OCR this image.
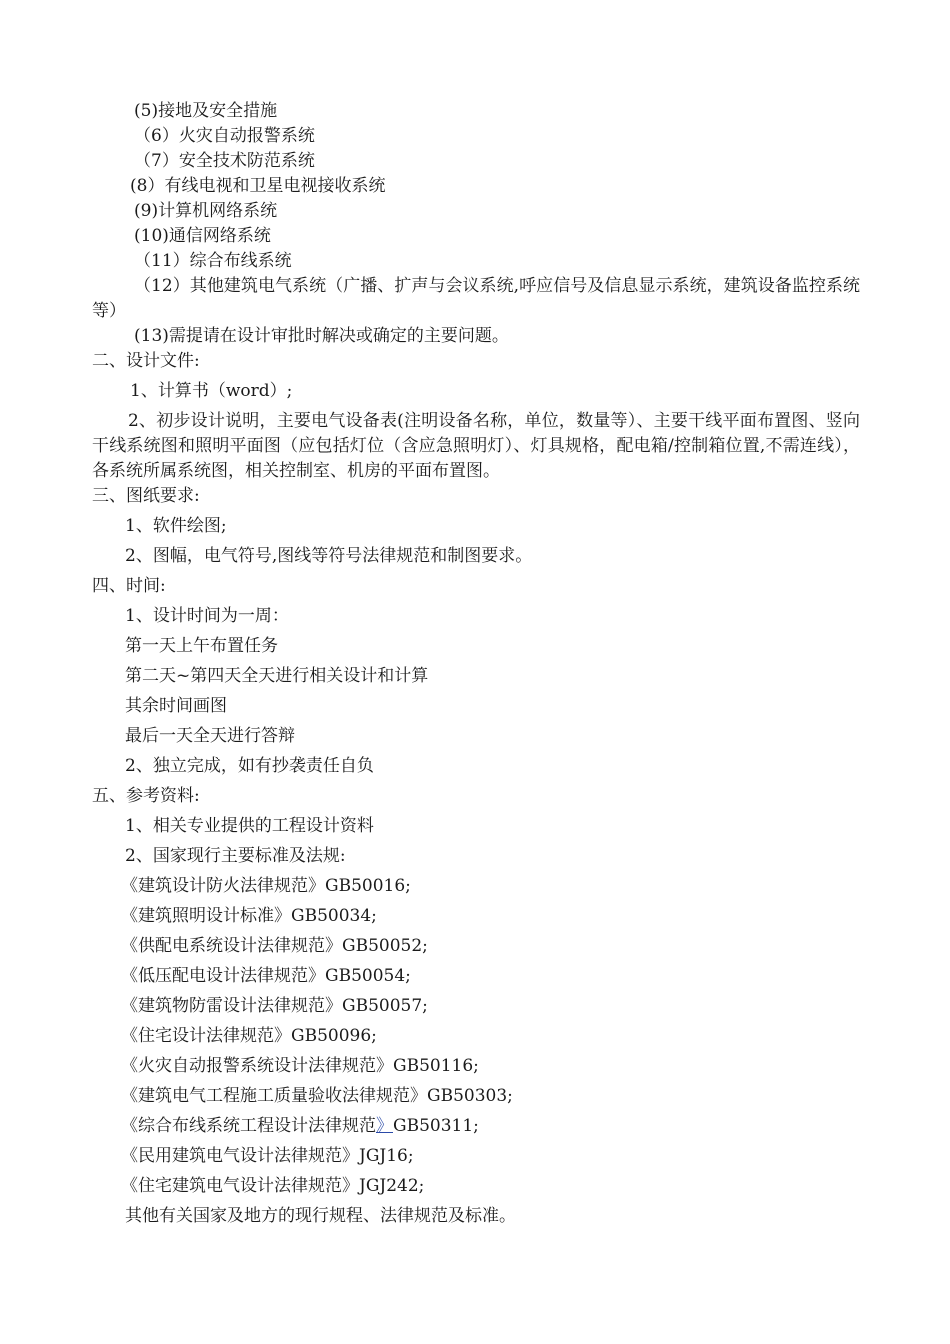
(5)接地及安全措施
（6）火灾自动报警系统
（7）安全技术防范系统
(8）有线电视和卫星电视接收系统
(9)计算机网络系统
(10)通信网络系统
（11）综合布线系统
（12）其他建筑电气系统（广播、扩声与会议系统,呼应信号及信息显示系统，建筑设备监控系统等）
(13)需提请在设计审批时解决或确定的主要问题。
二、设计文件:
1、计算书（word）;
2、初步设计说明，主要电气设备表(注明设备名称，单位，数量等）、主要干线平面布置图、竖向干线系统图和照明平面图（应包括灯位（含应急照明灯）、灯具规格，配电箱/控制箱位置,不需连线），各系统所属系统图，相关控制室、机房的平面布置图。
三、图纸要求:
1、软件绘图;
2、图幅，电气符号,图线等符号法律规范和制图要求。
四、时间:
1、设计时间为一周：
第一天上午布置任务
第二天~第四天全天进行相关设计和计算
其余时间画图
最后一天全天进行答辩
2、独立完成，如有抄袭责任自负
五、参考资料:
1、相关专业提供的工程设计资料
2、国家现行主要标准及法规:
《建筑设计防火法律规范》GB50016;
《建筑照明设计标准》GB50034;
《供配电系统设计法律规范》GB50052;
《低压配电设计法律规范》GB50054;
《建筑物防雷设计法律规范》GB50057;
《住宅设计法律规范》GB50096;
《火灾自动报警系统设计法律规范》GB50116;
《建筑电气工程施工质量验收法律规范》GB50303;
《综合布线系统工程设计法律规范》GB50311;
《民用建筑电气设计法律规范》JGJ16;
《住宅建筑电气设计法律规范》JGJ242;
其他有关国家及地方的现行规程、法律规范及标准。
